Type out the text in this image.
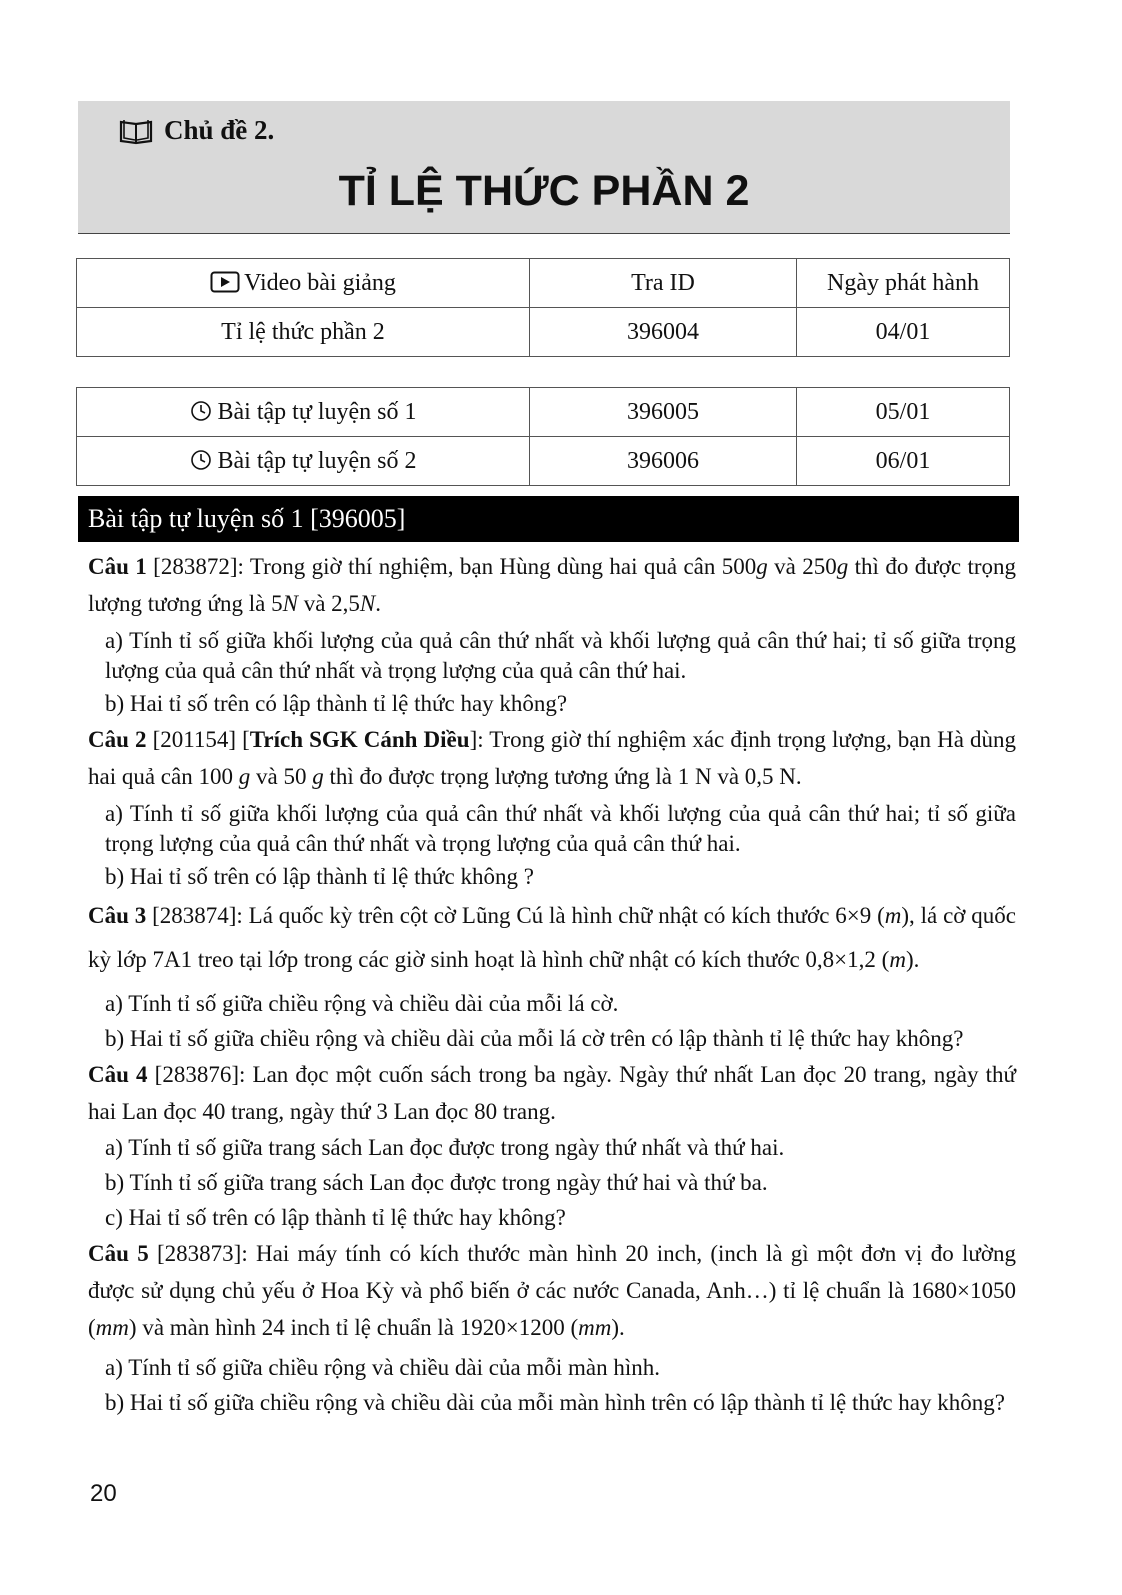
Chủ đề 2.
TỈ LỆ THỨC PHẦN 2
Video bài giảng	Tra ID	Ngày phát hành
Tỉ lệ thức phần 2	396004	04/01
Bài tập tự luyện số 1	396005	05/01
Bài tập tự luyện số 2	396006	06/01
Bài tập tự luyện số 1 [396005]

Câu 1 [283872]: Trong giờ thí nghiệm, bạn Hùng dùng hai quả cân 500g và 250g thì đo được trọng lượng tương ứng là 5N và 2,5N.

a) Tính tỉ số giữa khối lượng của quả cân thứ nhất và khối lượng quả cân thứ hai; tỉ số giữa trọng lượng của quả cân thứ nhất và trọng lượng của quả cân thứ hai.

b) Hai tỉ số trên có lập thành tỉ lệ thức hay không?

Câu 2 [201154] [Trích SGK Cánh Diều]: Trong giờ thí nghiệm xác định trọng lượng, bạn Hà dùng hai quả cân 100 g và 50 g thì đo được trọng lượng tương ứng là 1 N và 0,5 N.

a) Tính tỉ số giữa khối lượng của quả cân thứ nhất và khối lượng của quả cân thứ hai; tỉ số giữa trọng lượng của quả cân thứ nhất và trọng lượng của quả cân thứ hai.

b) Hai tỉ số trên có lập thành tỉ lệ thức không ?

Câu 3 [283874]: Lá quốc kỳ trên cột cờ Lũng Cú là hình chữ nhật có kích thước 6×9 (m), lá cờ quốc kỳ lớp 7A1 treo tại lớp trong các giờ sinh hoạt là hình chữ nhật có kích thước 0,8×1,2 (m).

a) Tính tỉ số giữa chiều rộng và chiều dài của mỗi lá cờ.

b) Hai tỉ số giữa chiều rộng và chiều dài của mỗi lá cờ trên có lập thành tỉ lệ thức hay không?

Câu 4 [283876]: Lan đọc một cuốn sách trong ba ngày. Ngày thứ nhất Lan đọc 20 trang, ngày thứ hai Lan đọc 40 trang, ngày thứ 3 Lan đọc 80 trang.

a) Tính tỉ số giữa trang sách Lan đọc được trong ngày thứ nhất và thứ hai.

b) Tính tỉ số giữa trang sách Lan đọc được trong ngày thứ hai và thứ ba.

c) Hai tỉ số trên có lập thành tỉ lệ thức hay không?

Câu 5 [283873]: Hai máy tính có kích thước màn hình 20 inch, (inch là gì một đơn vị đo lường được sử dụng chủ yếu ở Hoa Kỳ và phổ biến ở các nước Canada, Anh…) tỉ lệ chuẩn là 1680×1050 (mm) và màn hình 24 inch tỉ lệ chuẩn là 1920×1200 (mm).

a) Tính tỉ số giữa chiều rộng và chiều dài của mỗi màn hình.

b) Hai tỉ số giữa chiều rộng và chiều dài của mỗi màn hình trên có lập thành tỉ lệ thức hay không?

20
